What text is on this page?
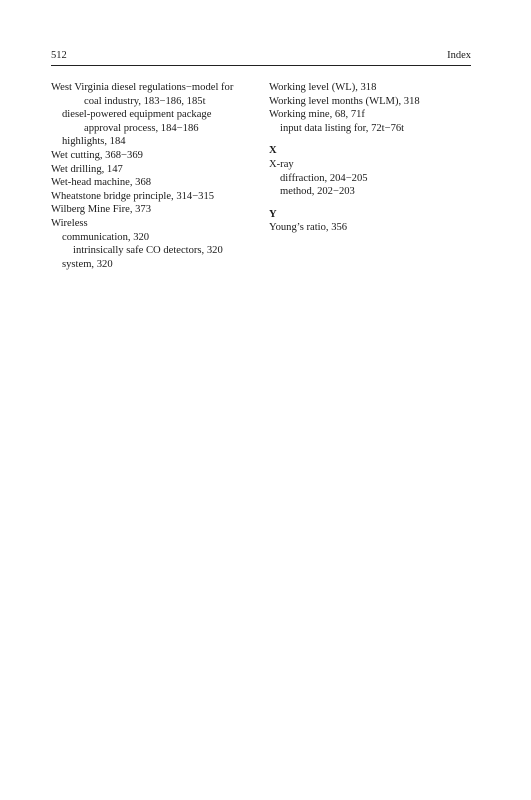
512	Index
West Virginia diesel regulations−model for
coal industry, 183−186, 185t
diesel-powered equipment package
approval process, 184−186
highlights, 184
Wet cutting, 368−369
Wet drilling, 147
Wet-head machine, 368
Wheatstone bridge principle, 314−315
Wilberg Mine Fire, 373
Wireless
communication, 320
intrinsically safe CO detectors, 320
system, 320
Working level (WL), 318
Working level months (WLM), 318
Working mine, 68, 71f
input data listing for, 72t−76t
X
X-ray
diffraction, 204−205
method, 202−203
Y
Young’s ratio, 356
